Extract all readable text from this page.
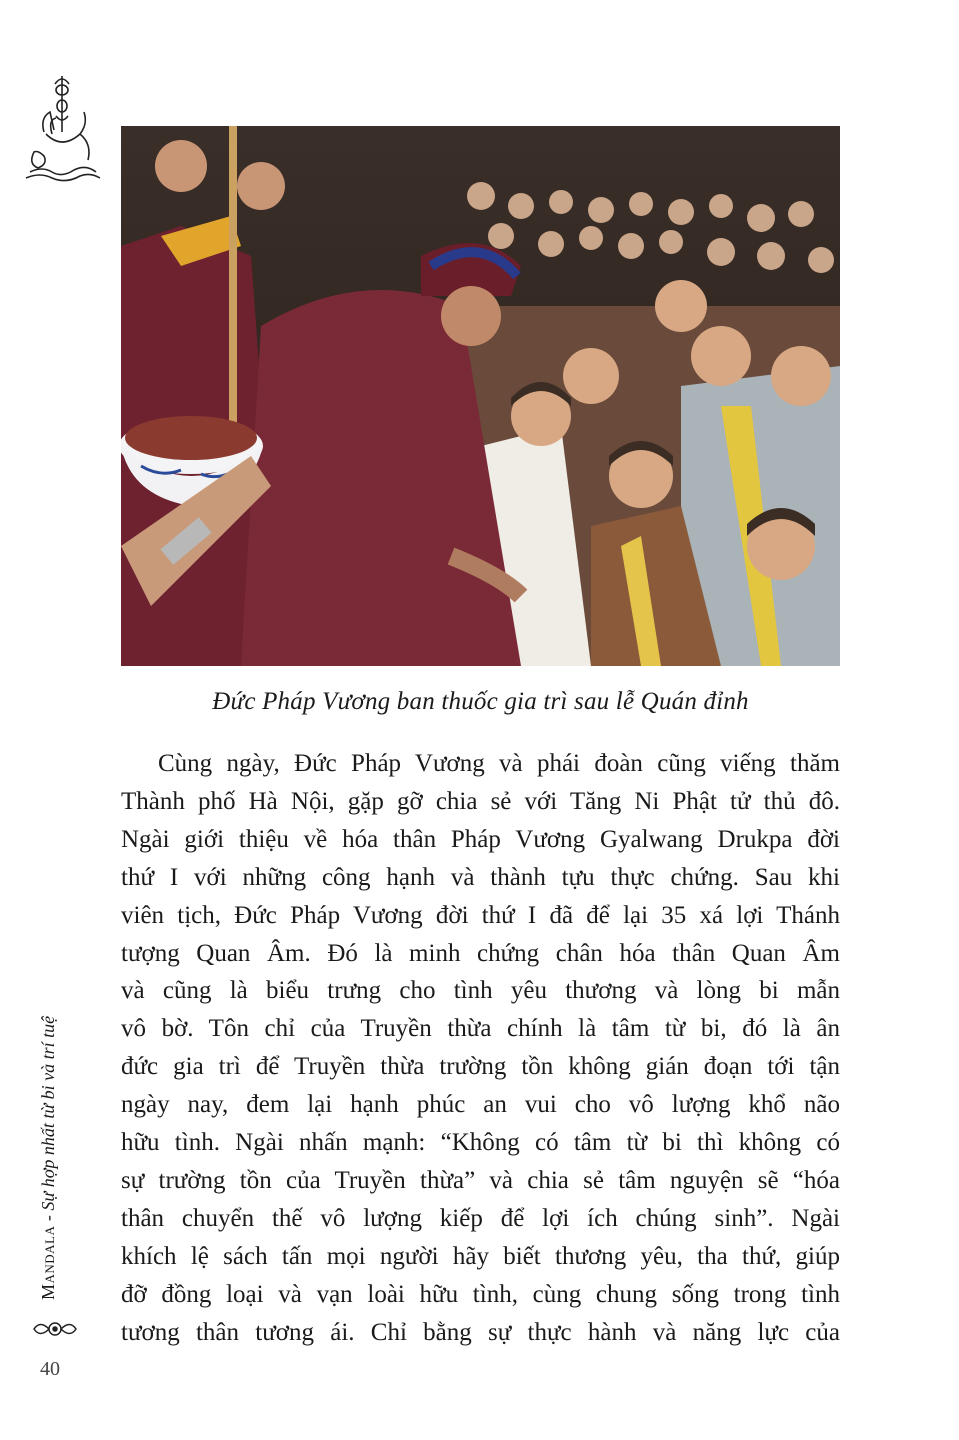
Đức Pháp Vương ban thuốc gia trì sau lễ Quán đỉnh
Cùng ngày, Đức Pháp Vương và phái đoàn cũng viếng thăm
Thành phố Hà Nội, gặp gỡ chia sẻ với Tăng Ni Phật tử thủ đô.
Ngài giới thiệu về hóa thân Pháp Vương Gyalwang Drukpa đời
thứ I với những công hạnh và thành tựu thực chứng. Sau khi
viên tịch, Đức Pháp Vương đời thứ I đã để lại 35 xá lợi Thánh
tượng Quan Âm. Đó là minh chứng chân hóa thân Quan Âm
và cũng là biểu trưng cho tình yêu thương và lòng bi mẫn
vô bờ. Tôn chỉ của Truyền thừa chính là tâm từ bi, đó là ân
đức gia trì để Truyền thừa trường tồn không gián đoạn tới tận
ngày nay, đem lại hạnh phúc an vui cho vô lượng khổ não
hữu tình. Ngài nhấn mạnh: “Không có tâm từ bi thì không có
sự trường tồn của Truyền thừa” và chia sẻ tâm nguyện sẽ “hóa
thân chuyển thế vô lượng kiếp để lợi ích chúng sinh”. Ngài
khích lệ sách tấn mọi người hãy biết thương yêu, tha thứ, giúp
đỡ đồng loại và vạn loài hữu tình, cùng chung sống trong tình
tương thân tương ái. Chỉ bằng sự thực hành và năng lực của
Mandala - Sự hợp nhất từ bi và trí tuệ
40
